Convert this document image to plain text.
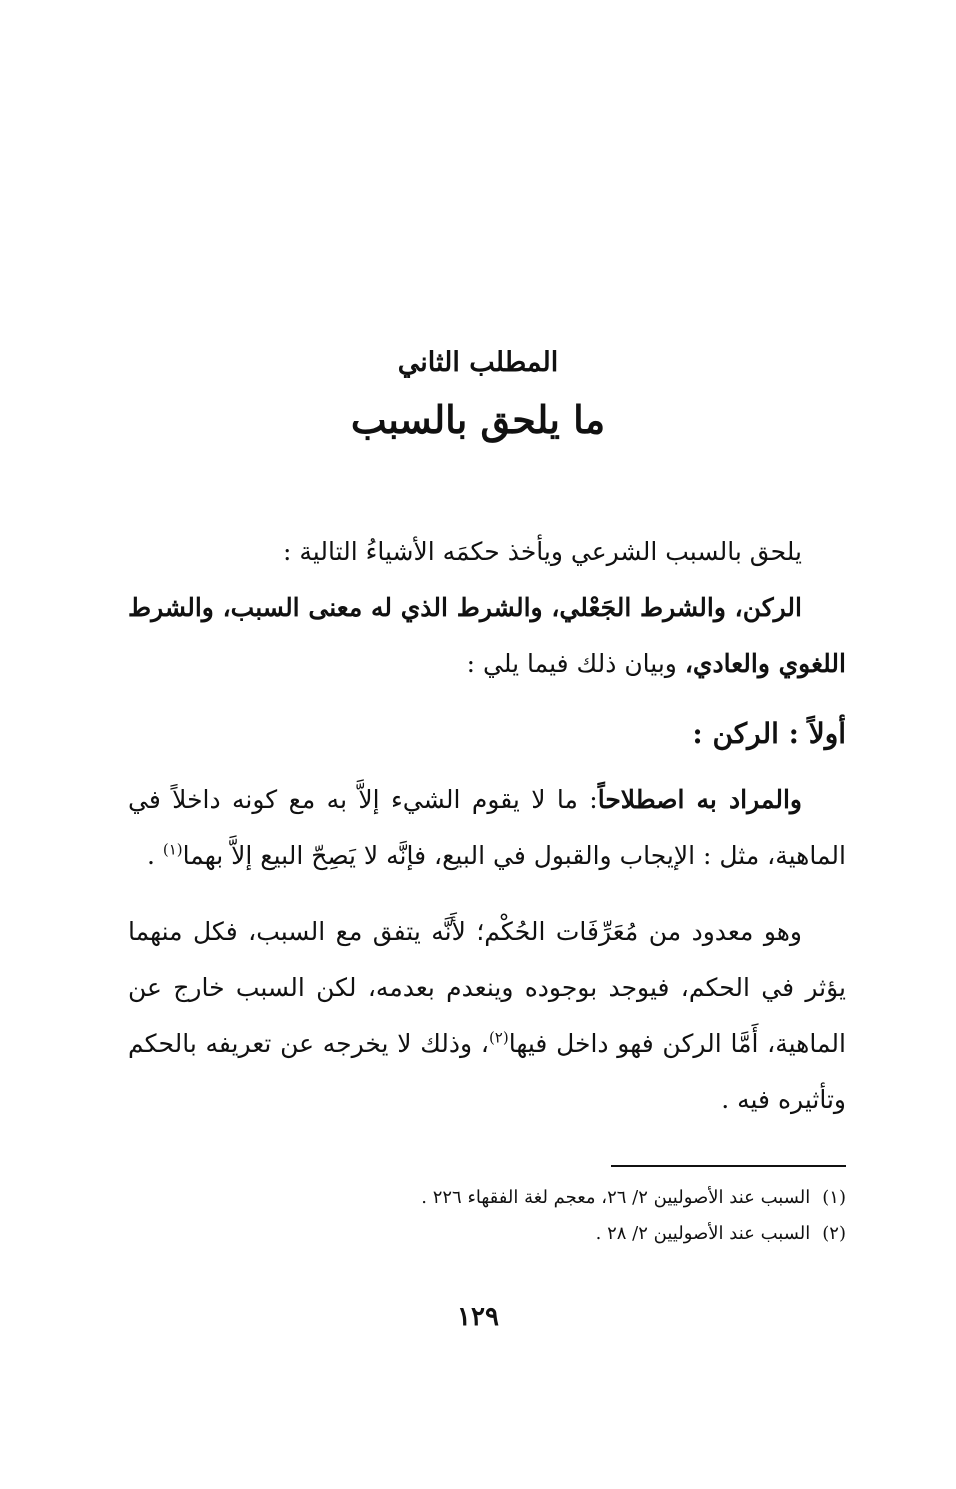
المطلب الثاني
ما يلحق بالسبب

يلحق بالسبب الشرعي ويأخذ حكمَه الأشياءُ التالية :

الركن، والشرط الجَعْلي، والشرط الذي له معنى السبب، والشرط اللغوي والعادي، وبيان ذلك فيما يلي :

أولاً : الركن :

والمراد به اصطلاحاً: ما لا يقوم الشيء إلاَّ به مع كونه داخلاً في الماهية، مثل : الإيجاب والقبول في البيع، فإنَّه لا يَصِحّ البيع إلاَّ بهما$^{(١)}$ .

وهو معدود من مُعَرِّفَات الحُكْم؛ لأَنَّه يتفق مع السبب، فكل منهما يؤثر في الحكم، فيوجد بوجوده وينعدم بعدمه، لكن السبب خارج عن الماهية، أَمَّا الركن فهو داخل فيها$^{(٢)}$، وذلك لا يخرجه عن تعريفه بالحكم وتأثيره فيه .

(١)السبب عند الأصوليين ٢/ ٢٦، معجم لغة الفقهاء ٢٢٦ .

(٢)السبب عند الأصوليين ٢/ ٢٨ .

١٢٩
